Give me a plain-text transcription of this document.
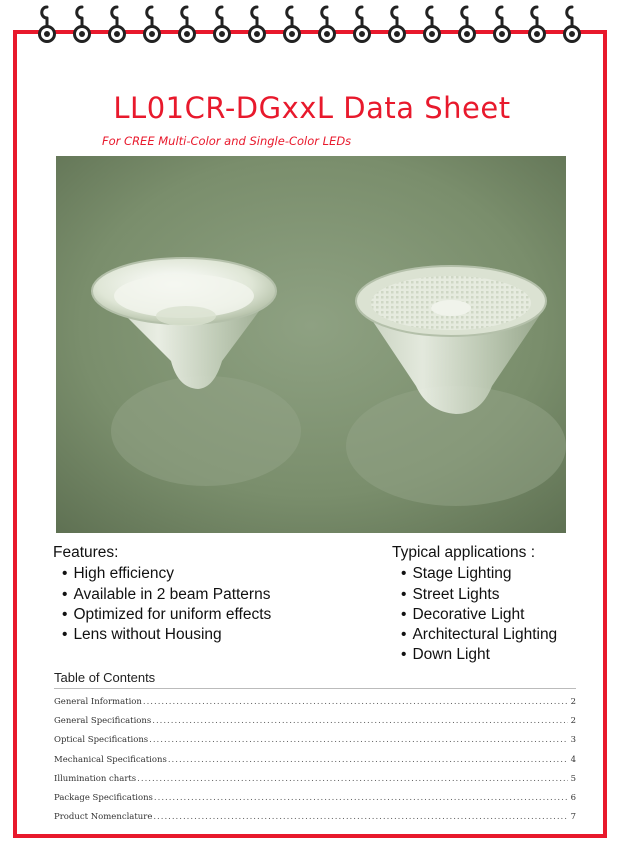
LL01CR-DGxxL Data Sheet
For CREE Multi-Color and Single-Color LEDs
Features:
• High efficiency
• Available in 2 beam Patterns
• Optimized for uniform effects
• Lens without Housing
Typical applications :
• Stage Lighting
• Street Lights
• Decorative Light
• Architectural Lighting
• Down Light
Table of Contents
General Information .....	2
General Specifications .....	2
Optical Specifications .....	3
Mechanical Specifications .....	4
Illumination charts .....	5
Package Specifications .....	6
Product Nomenclature .....	7
